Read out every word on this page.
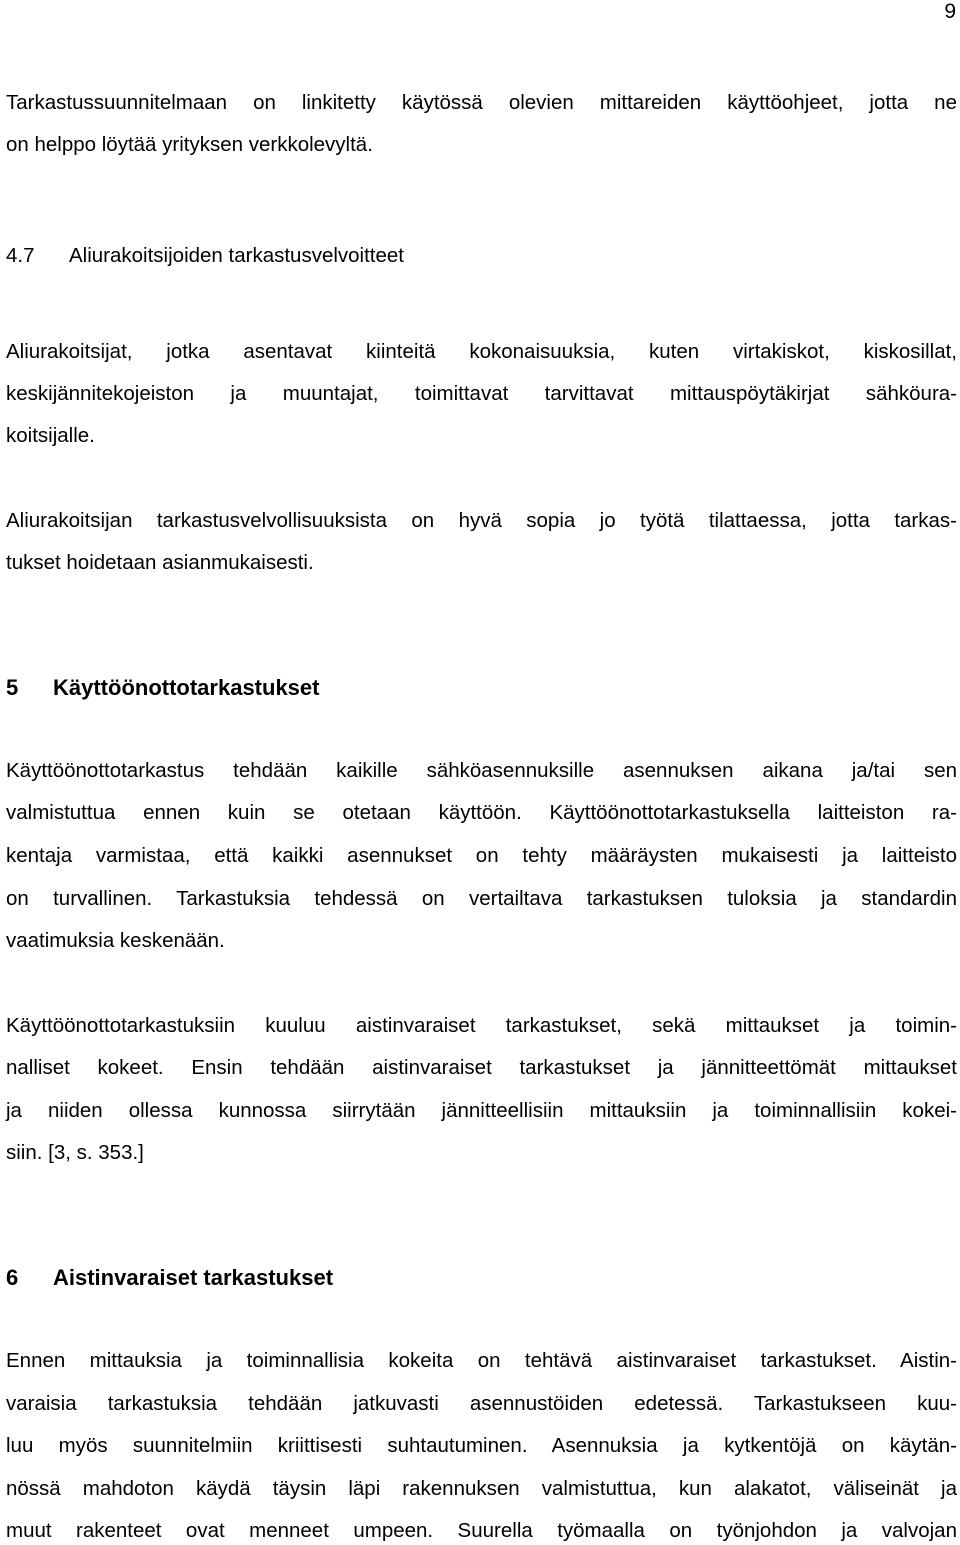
9
Tarkastussuunnitelmaan on linkitetty käytössä olevien mittareiden käyttöohjeet, jotta ne
on helppo löytää yrityksen verkkolevyltä.
4.7 Aliurakoitsijoiden tarkastusvelvoitteet
Aliurakoitsijat, jotka asentavat kiinteitä kokonaisuuksia, kuten virtakiskot, kiskosillat,
keskijännitekojeiston ja muuntajat, toimittavat tarvittavat mittauspöytäkirjat sähköura-
koitsijalle.
Aliurakoitsijan tarkastusvelvollisuuksista on hyvä sopia jo työtä tilattaessa, jotta tarkas-
tukset hoidetaan asianmukaisesti.
5 Käyttöönottotarkastukset
Käyttöönottotarkastus tehdään kaikille sähköasennuksille asennuksen aikana ja/tai sen
valmistuttua ennen kuin se otetaan käyttöön. Käyttöönottotarkastuksella laitteiston ra-
kentaja varmistaa, että kaikki asennukset on tehty määräysten mukaisesti ja laitteisto
on turvallinen. Tarkastuksia tehdessä on vertailtava tarkastuksen tuloksia ja standardin
vaatimuksia keskenään.
Käyttöönottotarkastuksiin kuuluu aistinvaraiset tarkastukset, sekä mittaukset ja toimin-
nalliset kokeet. Ensin tehdään aistinvaraiset tarkastukset ja jännitteettömät mittaukset
ja niiden ollessa kunnossa siirrytään jännitteellisiin mittauksiin ja toiminnallisiin kokei-
siin. [3, s. 353.]
6 Aistinvaraiset tarkastukset
Ennen mittauksia ja toiminnallisia kokeita on tehtävä aistinvaraiset tarkastukset. Aistin-
varaisia tarkastuksia tehdään jatkuvasti asennustöiden edetessä. Tarkastukseen kuu-
luu myös suunnitelmiin kriittisesti suhtautuminen. Asennuksia ja kytkentöjä on käytän-
nössä mahdoton käydä täysin läpi rakennuksen valmistuttua, kun alakatot, väliseinät ja
muut rakenteet ovat menneet umpeen. Suurella työmaalla on työnjohdon ja valvojan
